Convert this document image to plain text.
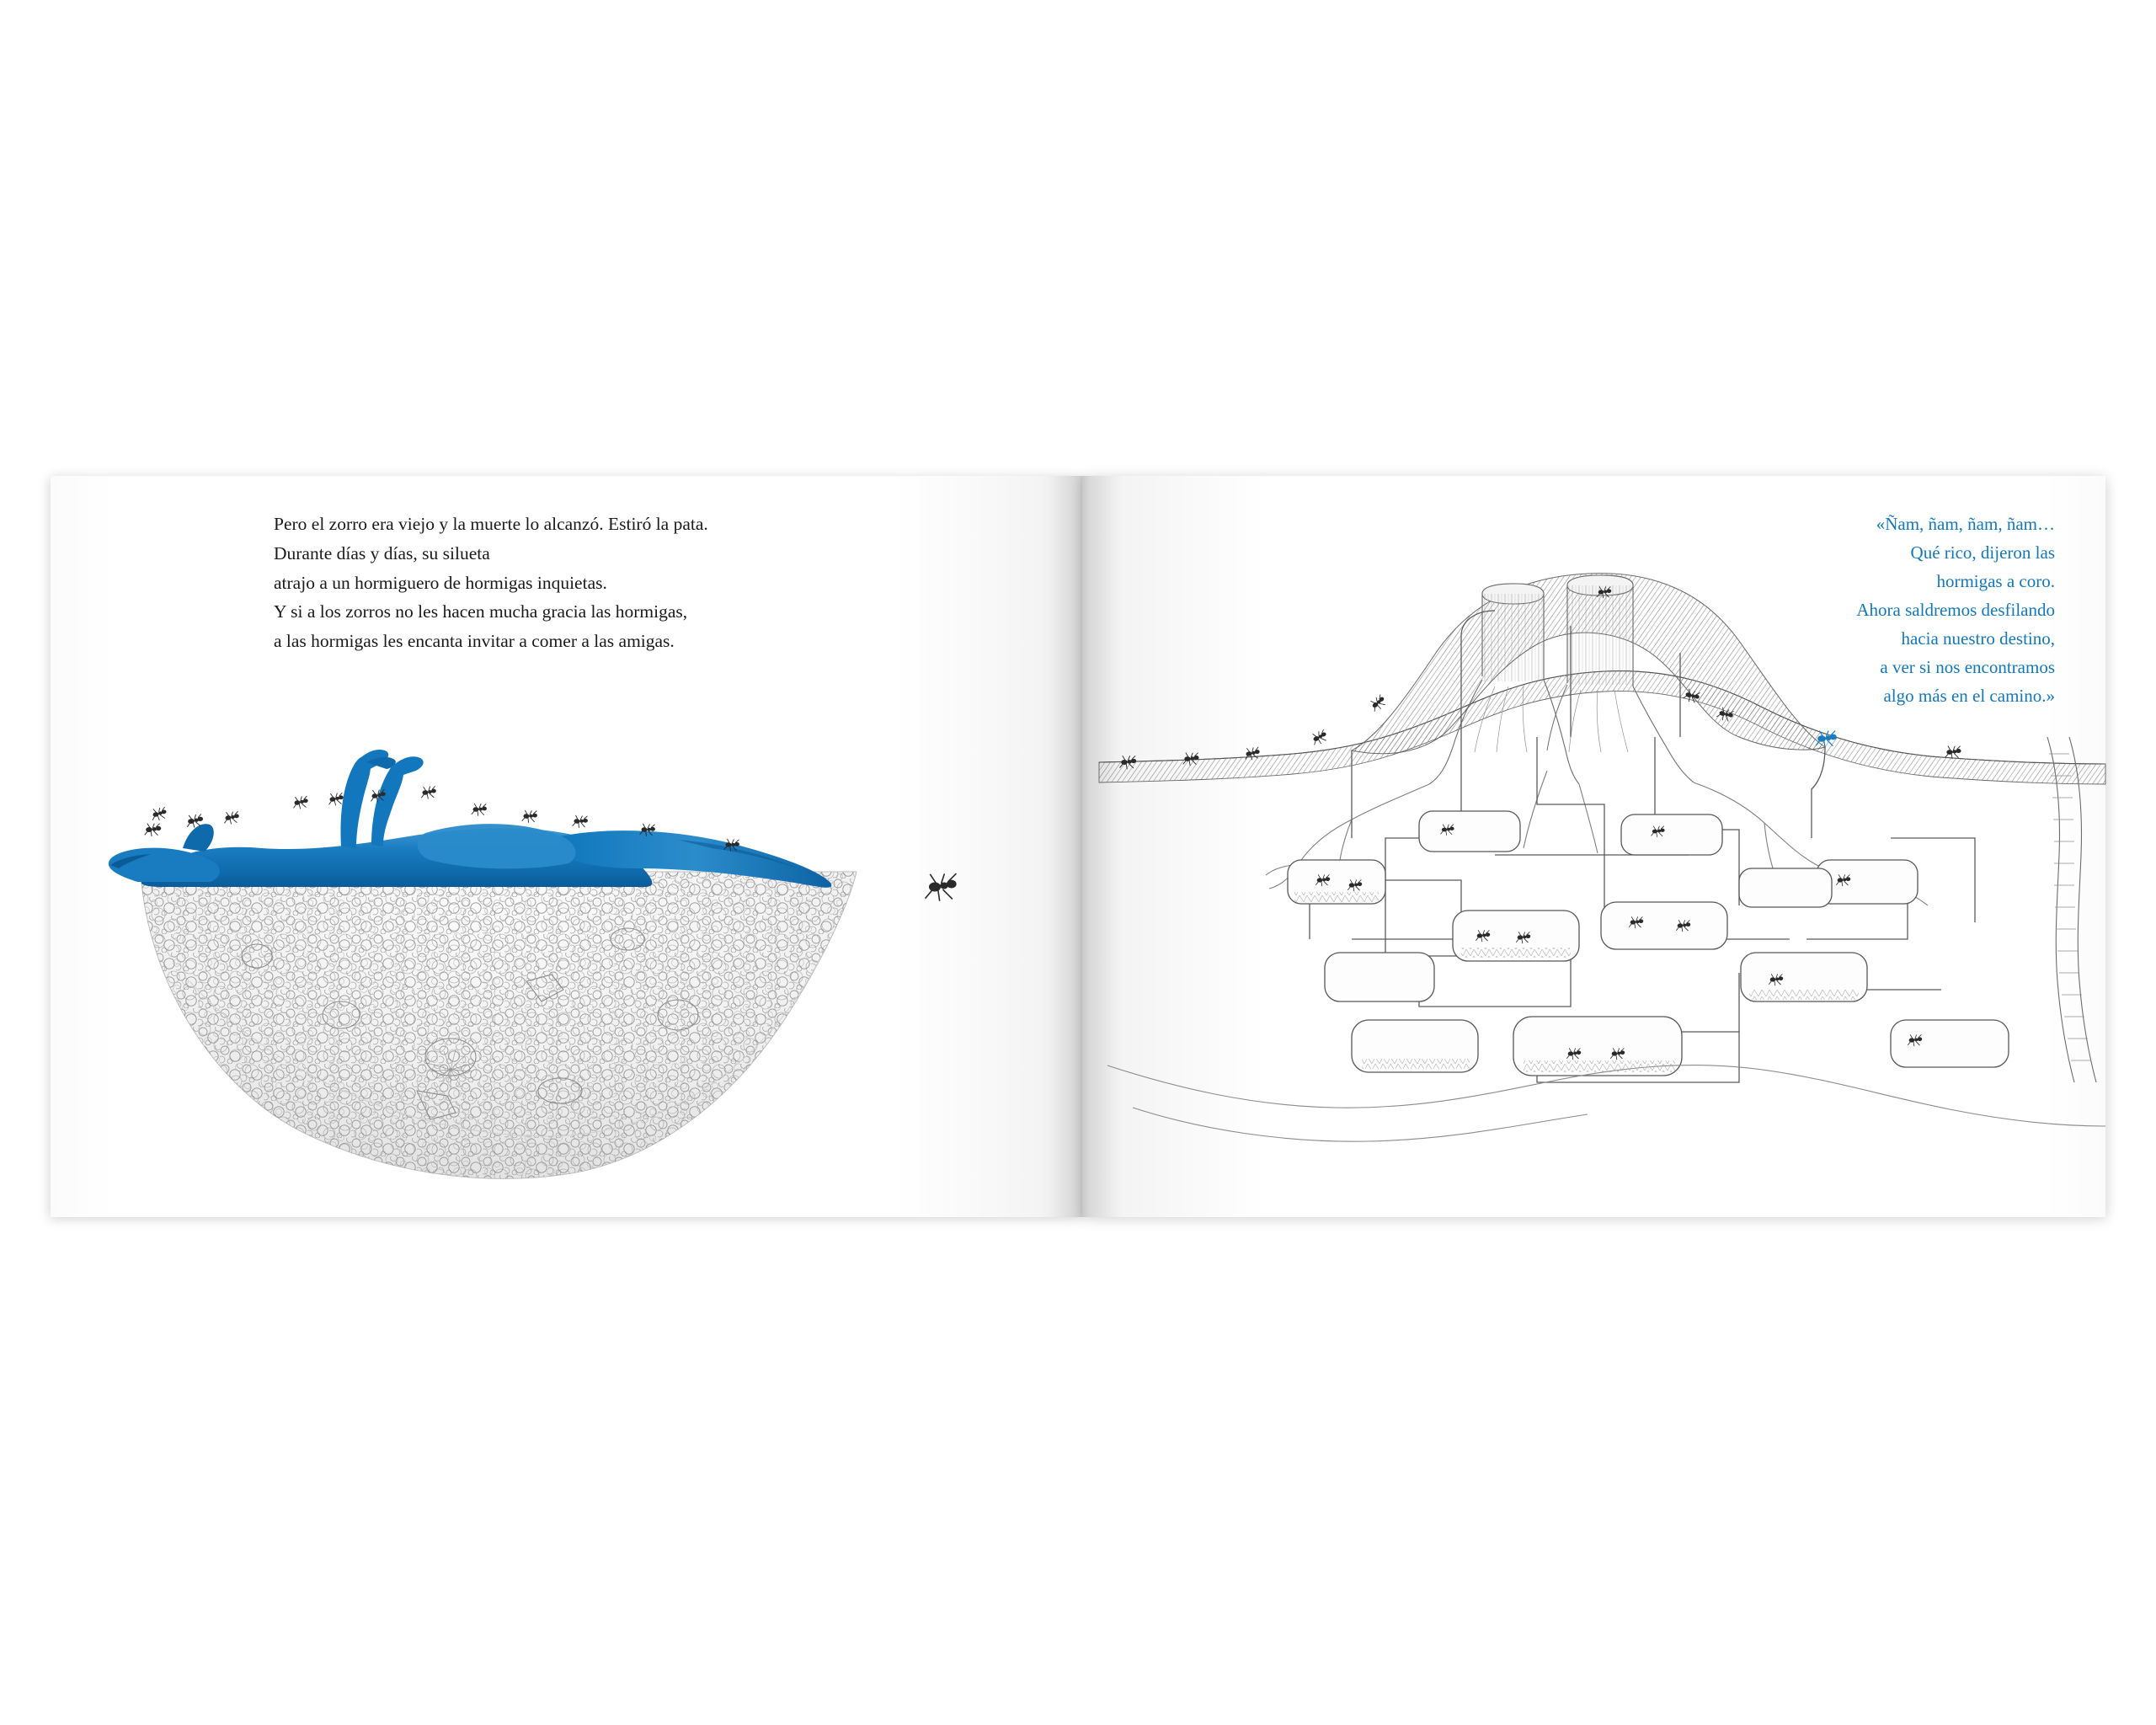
Pero el zorro era viejo y la muerte lo alcanzó. Estiró la pata.
Durante días y días, su silueta
atrajo a un hormiguero de hormigas inquietas.
Y si a los zorros no les hacen mucha gracia las hormigas,
a las hormigas les encanta invitar a comer a las amigas.
«Ñam, ñam, ñam, ñam…
Qué rico, dijeron las
hormigas a coro.
Ahora saldremos desfilando
hacia nuestro destino,
a ver si nos encontramos
algo más en el camino.»
